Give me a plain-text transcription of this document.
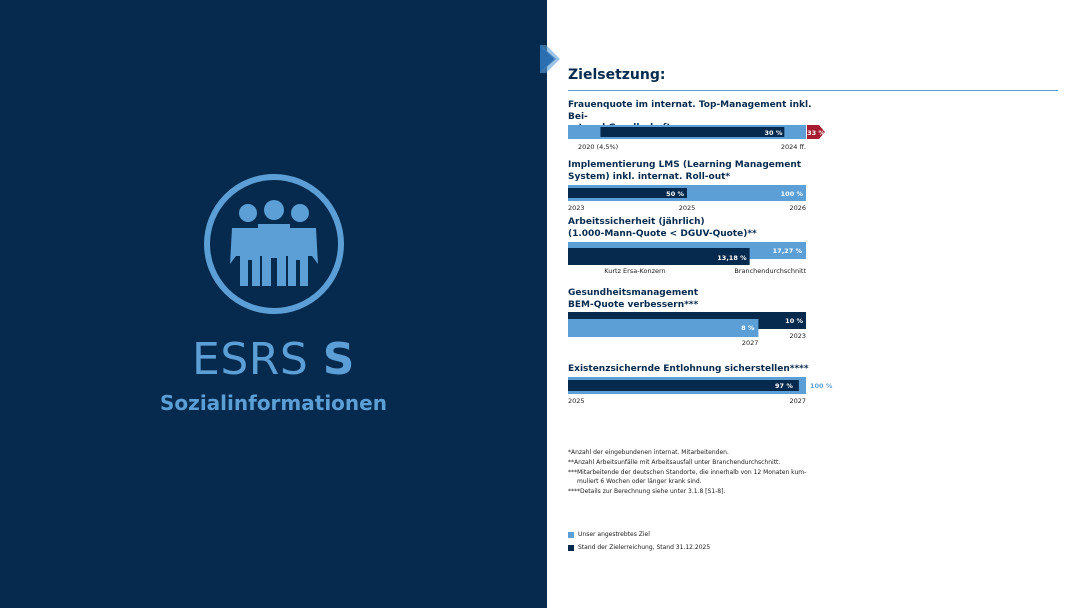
ESRS S
Sozialinformationen
Zielsetzung:
Frauenquote im internat. Top-Management inkl. Bei-

Implementierung LMS (Learning Management
System) inkl. internat. Roll-out*
Arbeitssicherheit (jährlich)
(1.000-Mann-Quote < DGUV-Quote)**
Gesundheitsmanagement
BEM-Quote verbessern***
Existenzsichernde Entlohnung sicherstellen****
30 %	33 %
2020 (4,5%)	2024 ff.
50 %	100 %
2023	2025	2026
17,27 %
13,18 %
Kurtz Ersa-Konzern	Branchendurchschnitt
10 %
8 %
2023
2027
97 %	100 %
2025	2027
*Anzahl der eingebundenen internat. Mitarbeitenden.
**Anzahl Arbeitsunfälle mit Arbeitsausfall unter Branchendurchschnitt.
***Mitarbeitende der deutschen Standorte, die innerhalb von 12 Monaten kum-
muliert 6 Wochen oder länger krank sind.
****Details zur Berechnung siehe unter 3.1.8 [S1-8].
Unser angestrebtes Ziel
Stand der Zielerreichung, Stand 31.12.2025
